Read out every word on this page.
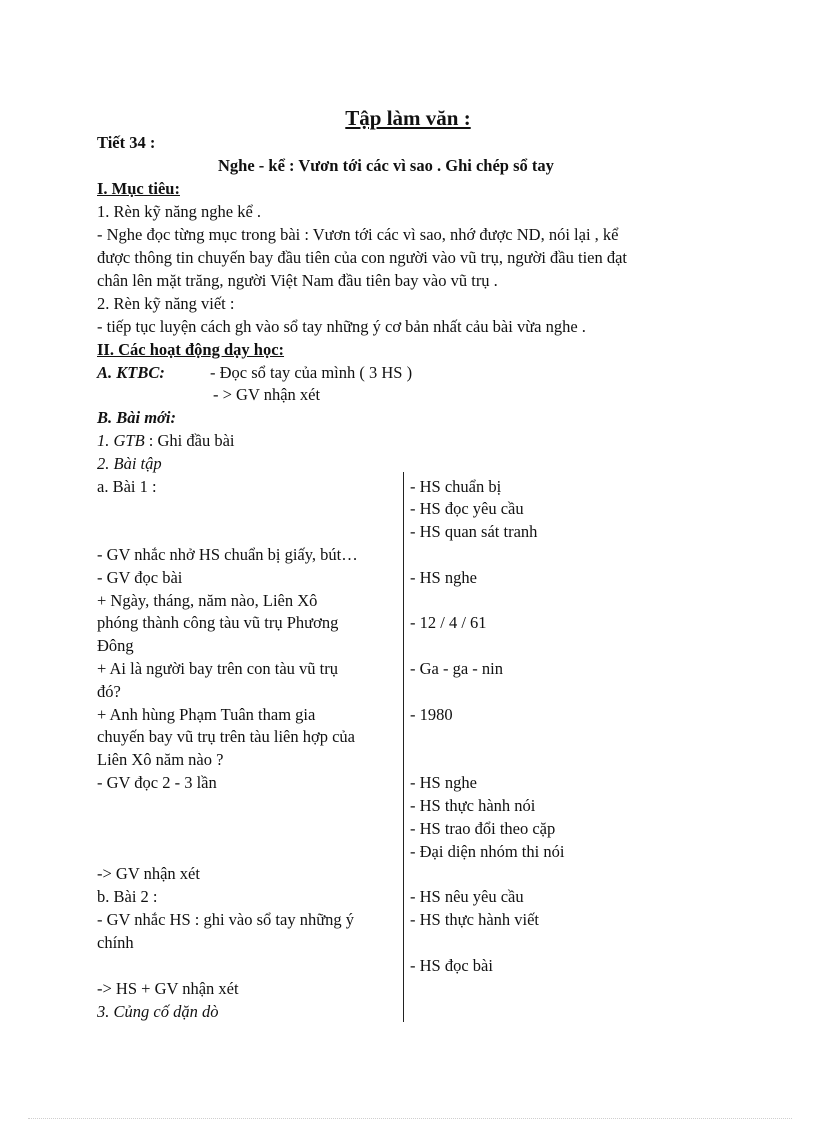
Tập làm văn :
Tiết 34 :
Nghe - kể : Vươn tới các vì sao . Ghi chép sổ tay
I. Mục tiêu:
1. Rèn kỹ năng nghe kể .
- Nghe đọc từng mục trong bài : Vươn tới các vì sao, nhớ được ND, nói lại , kể
được thông tin chuyến bay đầu tiên của con người vào vũ trụ, người đầu tien đạt
chân lên mặt trăng, người Việt Nam đầu tiên bay vào vũ trụ .
2. Rèn kỹ năng viết :
- tiếp tục luyện cách gh vào sổ tay những ý cơ bản nhất cảu bài vừa nghe .
II. Các hoạt động dạy học:
A. KTBC:	- Đọc sổ tay của mình ( 3 HS )
- > GV nhận xét
B. Bài mới:
1. GTB : Ghi đầu bài
2. Bài tập
a. Bài 1 :
- GV nhắc nhở HS chuẩn bị giấy, bút…
- GV đọc bài
+ Ngày, tháng, năm nào, Liên Xô
phóng thành công tàu vũ trụ Phương
Đông
+ Ai là người bay trên con tàu vũ trụ
đó?
+ Anh hùng Phạm Tuân tham gia
chuyến bay vũ trụ trên tàu liên hợp của
Liên Xô năm nào ?
- GV đọc 2 - 3 lần
-> GV nhận xét
b. Bài 2 :
- GV nhắc HS : ghi vào sổ tay những ý
chính
-> HS + GV nhận xét
3. Củng cố dặn dò
- HS chuẩn bị
- HS đọc yêu cầu
- HS quan sát tranh
- HS nghe
- 12 / 4 / 61
- Ga - ga - nin
- 1980
- HS nghe
- HS thực hành nói
- HS trao đổi theo cặp
- Đại diện nhóm thi nói
- HS nêu yêu cầu
- HS thực hành viết
- HS đọc bài
